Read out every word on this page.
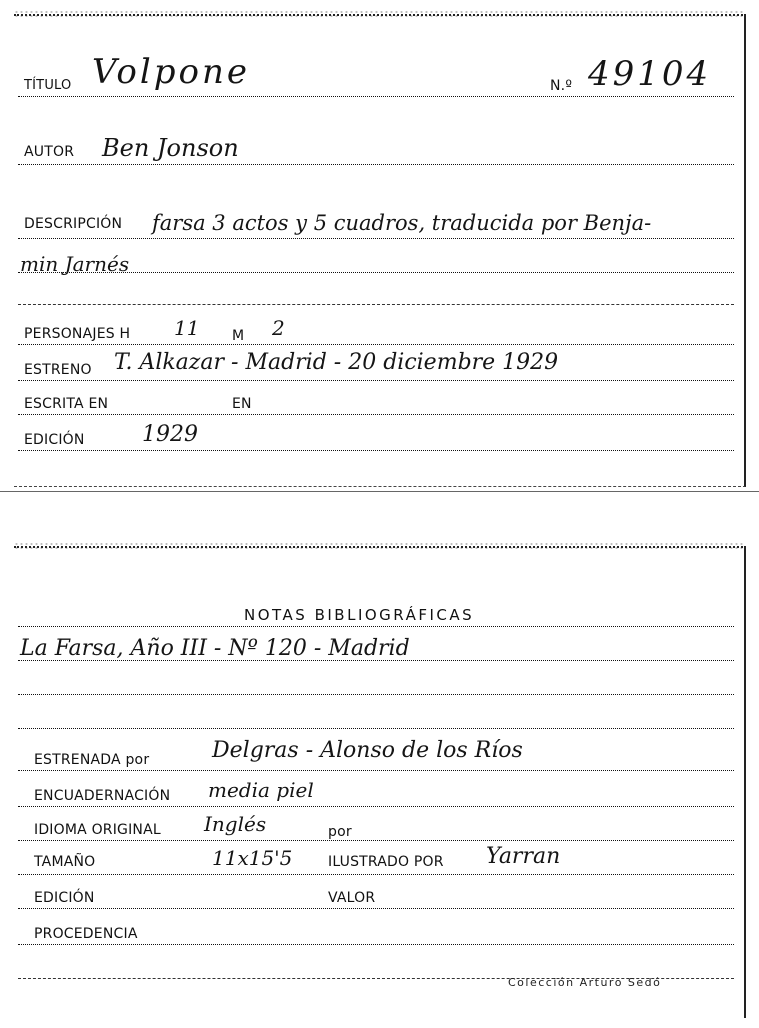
TÍTULO Volpone	N.º 49104
AUTOR Ben Jonson
DESCRIPCIÓN farsa 3 actos y 5 cuadros, traducida por Benja-
min Jarnés
PERSONAJES H 11 M 2
ESTRENO T. Alkazar - Madrid - 20 diciembre 1929
ESCRITA EN	EN
EDICIÓN	1929
NOTAS BIBLIOGRÁFICAS
La Farsa, Año III - Nº 120 - Madrid
ESTRENADA por	Delgras - Alonso de los Ríos
ENCUADERNACIÓN media piel
IDIOMA ORIGINAL Inglés	por
TAMAÑO	11x15'5	ILUSTRADO POR Yarran
EDICIÓN	VALOR
PROCEDENCIA
Colección Arturo Sedó
